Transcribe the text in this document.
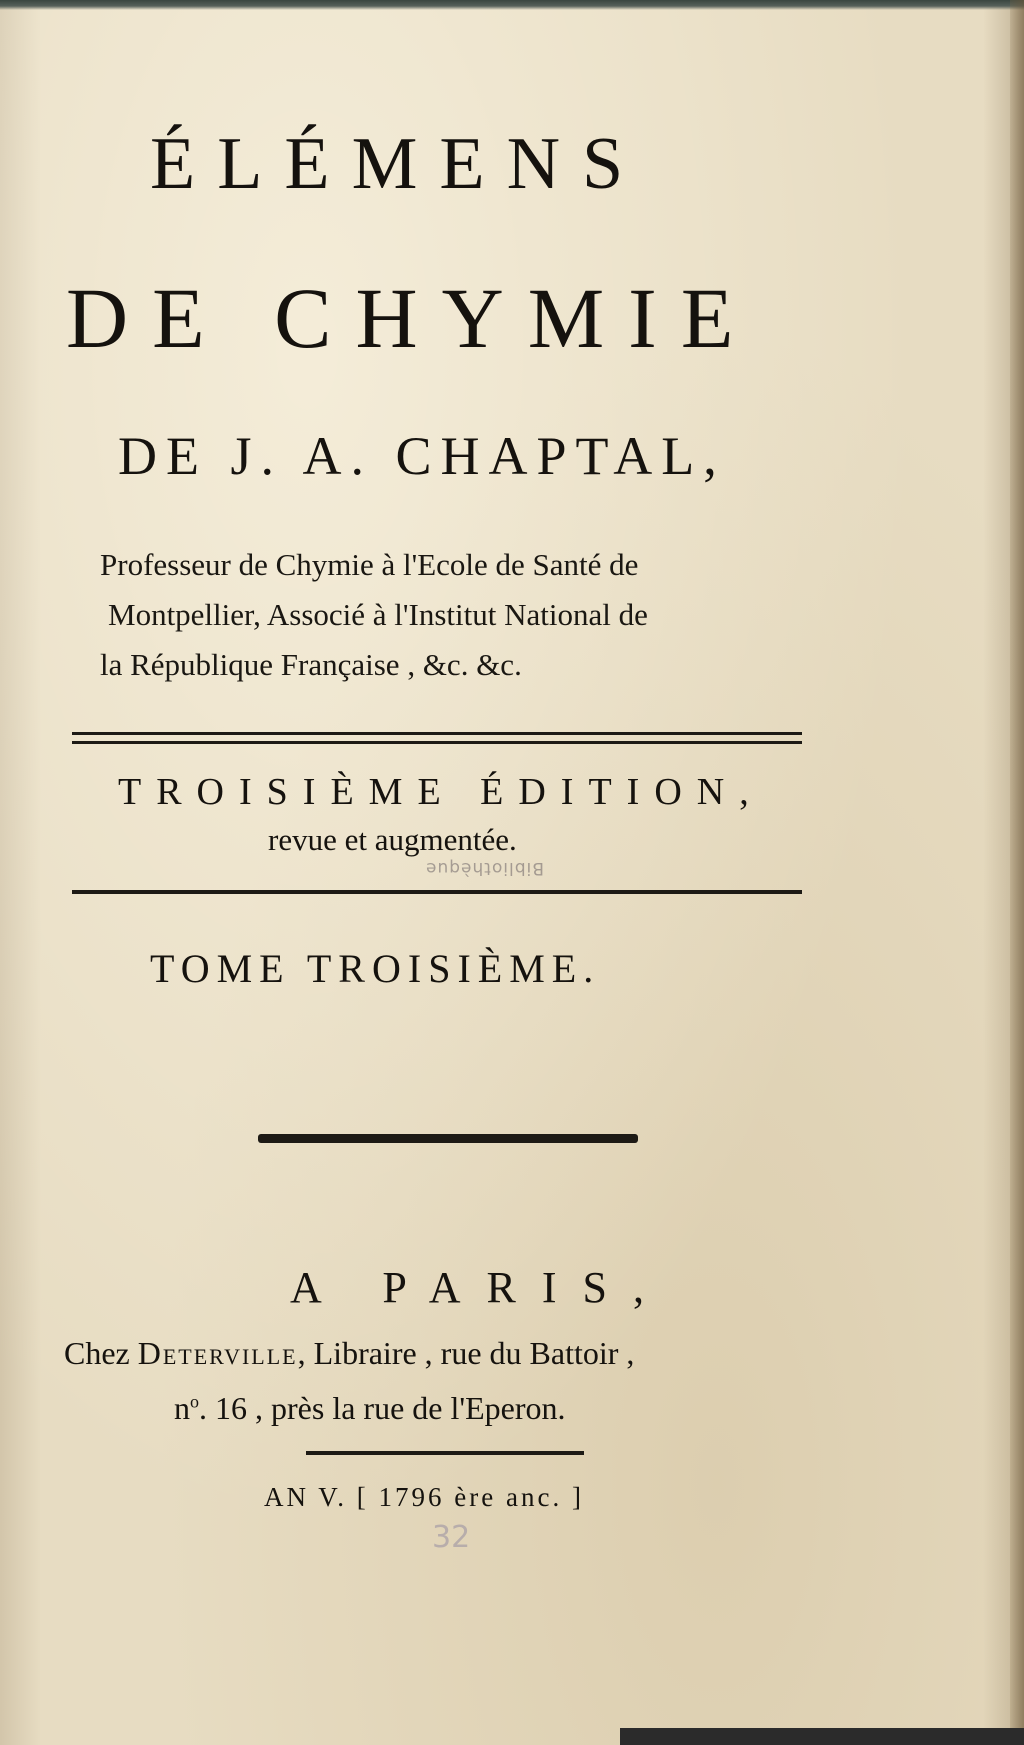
ÉLÉMENS
DE CHYMIE
DE J. A. CHAPTAL,
Professeur de Chymie à l'Ecole de Santé de
Montpellier, Associé à l'Institut National de
la République Française , &c. &c.
TROISIÈME ÉDITION,
revue et augmentée.
Bibliothèque
TOME TROISIÈME.
A PARIS,
Chez Deterville, Libraire , rue du Battoir ,
$n^o$. 16 , près la rue de l'Eperon.
AN V. [ 1796 ère anc. ]
32
